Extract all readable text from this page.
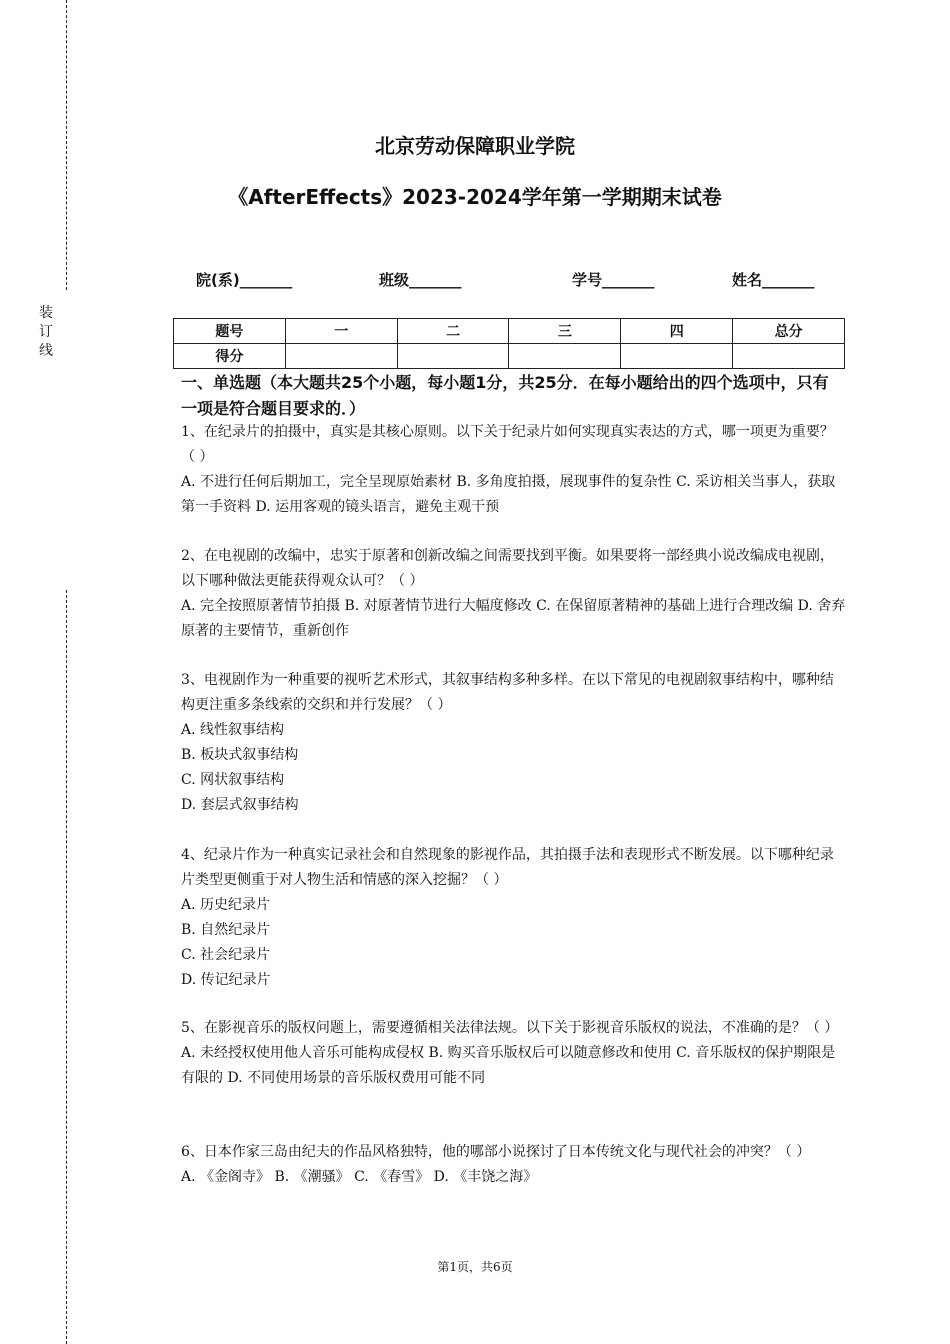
装订线
北京劳动保障职业学院
《AfterEffects》2023-2024学年第一学期期末试卷
院(系)_______	班级_______	学号_______	姓名_______
题号	一	二	三	四	总分
得分					
一、单选题（本大题共25个小题，每小题1分，共25分．在每小题给出的四个选项中，只有一项是符合题目要求的．）

1、在纪录片的拍摄中，真实是其核心原则。以下关于纪录片如何实现真实表达的方式，哪一项更为重要？（ ）

A. 不进行任何后期加工，完全呈现原始素材 B. 多角度拍摄，展现事件的复杂性 C. 采访相关当事人，获取第一手资料 D. 运用客观的镜头语言，避免主观干预

2、在电视剧的改编中，忠实于原著和创新改编之间需要找到平衡。如果要将一部经典小说改编成电视剧，以下哪种做法更能获得观众认可？（ ）

A. 完全按照原著情节拍摄 B. 对原著情节进行大幅度修改 C. 在保留原著精神的基础上进行合理改编 D. 舍弃原著的主要情节，重新创作

3、电视剧作为一种重要的视听艺术形式，其叙事结构多种多样。在以下常见的电视剧叙事结构中，哪种结构更注重多条线索的交织和并行发展？（ ）

A. 线性叙事结构

B. 板块式叙事结构

C. 网状叙事结构

D. 套层式叙事结构

4、纪录片作为一种真实记录社会和自然现象的影视作品，其拍摄手法和表现形式不断发展。以下哪种纪录片类型更侧重于对人物生活和情感的深入挖掘？（ ）

A. 历史纪录片

B. 自然纪录片

C. 社会纪录片

D. 传记纪录片

5、在影视音乐的版权问题上，需要遵循相关法律法规。以下关于影视音乐版权的说法，不准确的是？（ ）

A. 未经授权使用他人音乐可能构成侵权 B. 购买音乐版权后可以随意修改和使用 C. 音乐版权的保护期限是有限的 D. 不同使用场景的音乐版权费用可能不同

6、日本作家三岛由纪夫的作品风格独特，他的哪部小说探讨了日本传统文化与现代社会的冲突？（ ）

A. 《金阁寺》 B. 《潮骚》 C. 《春雪》 D. 《丰饶之海》

第1页，共6页
